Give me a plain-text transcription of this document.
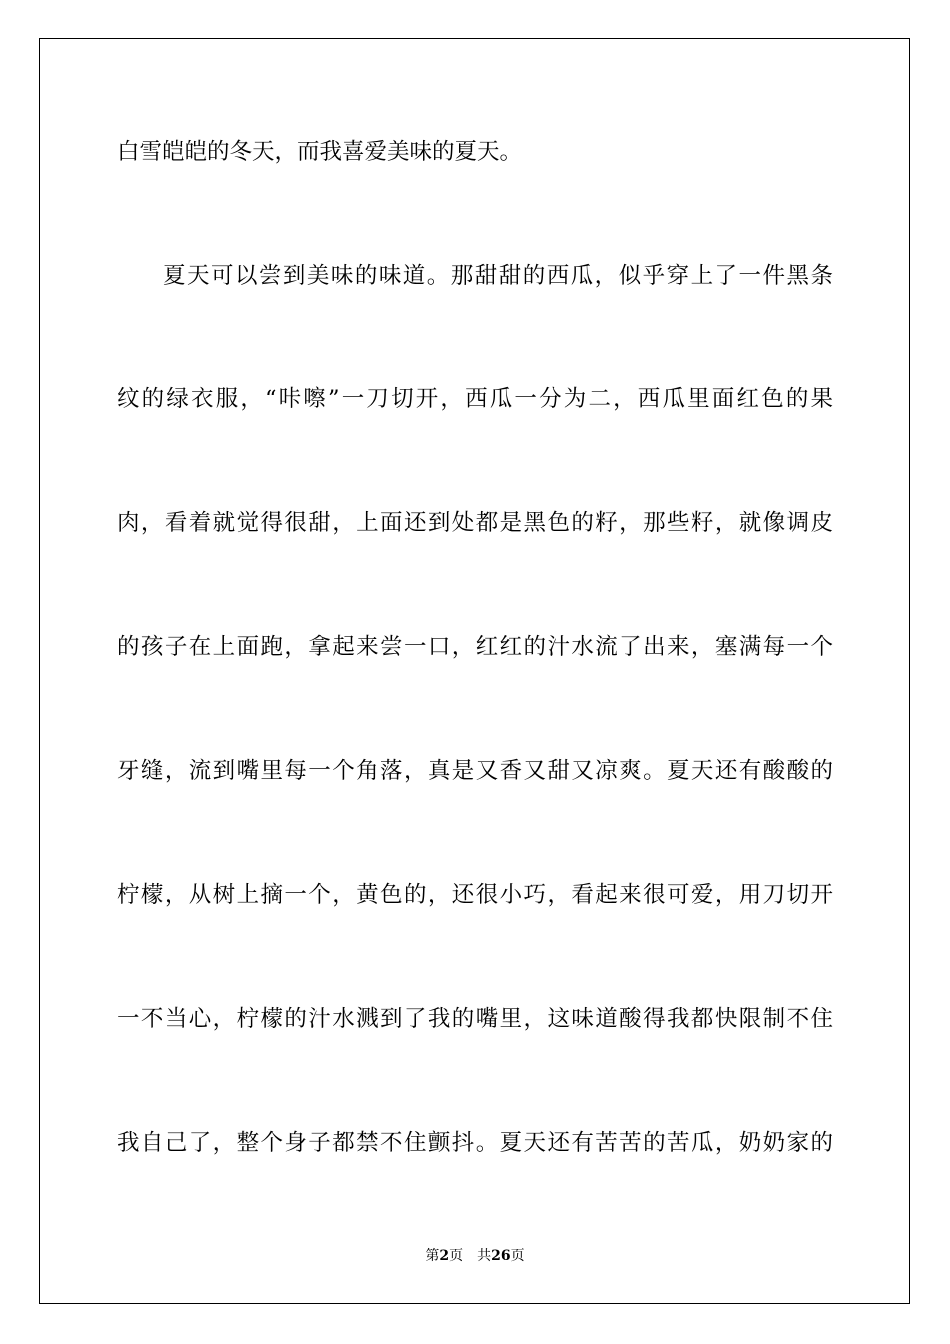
白雪皑皑的冬天，而我喜爱美味的夏天。
夏天可以尝到美味的味道。那甜甜的西瓜，似乎穿上了一件黑条
纹的绿衣服，“咔嚓”一刀切开，西瓜一分为二，西瓜里面红色的果
肉，看着就觉得很甜，上面还到处都是黑色的籽，那些籽，就像调皮
的孩子在上面跑，拿起来尝一口，红红的汁水流了出来，塞满每一个
牙缝，流到嘴里每一个角落，真是又香又甜又凉爽。夏天还有酸酸的
柠檬，从树上摘一个，黄色的，还很小巧，看起来很可爱，用刀切开
一不当心，柠檬的汁水溅到了我的嘴里，这味道酸得我都快限制不住
我自己了，整个身子都禁不住颤抖。夏天还有苦苦的苦瓜，奶奶家的
第2页 共26页
